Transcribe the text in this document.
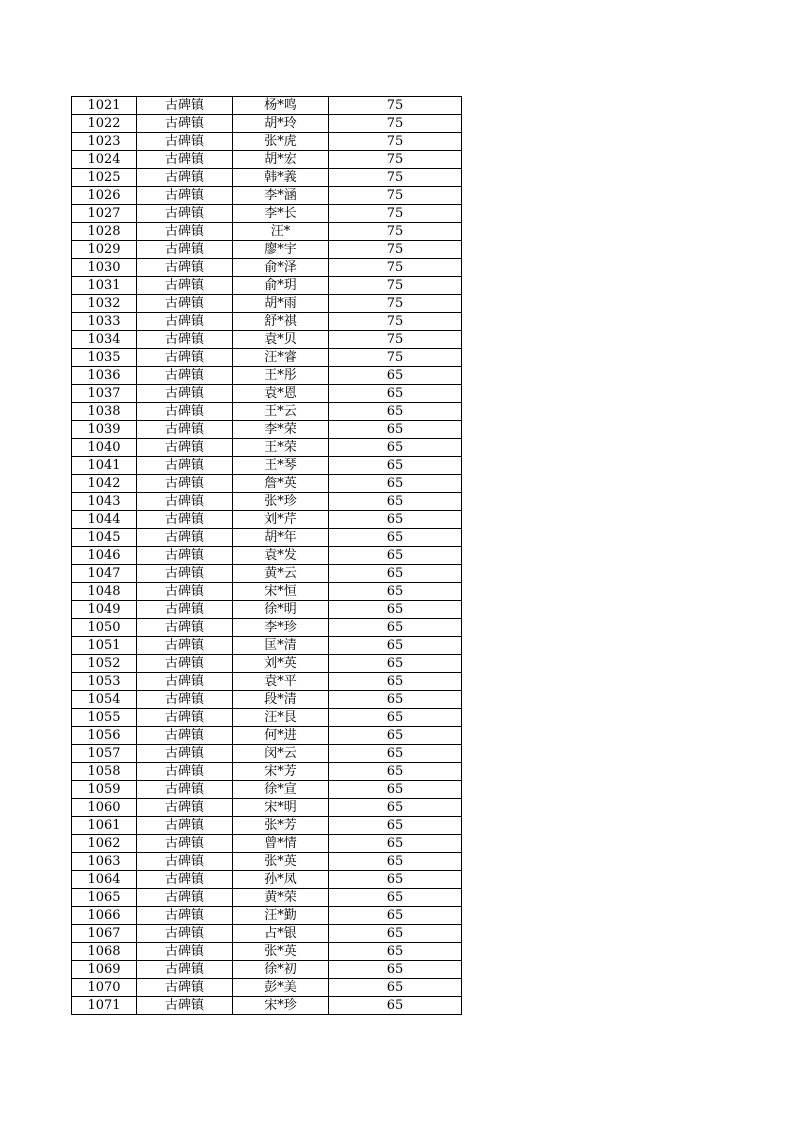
1021	古碑镇	杨*鸣	75
1022	古碑镇	胡*玲	75
1023	古碑镇	张*虎	75
1024	古碑镇	胡*宏	75
1025	古碑镇	韩*義	75
1026	古碑镇	李*涵	75
1027	古碑镇	李*长	75
1028	古碑镇	汪*	75
1029	古碑镇	廖*宇	75
1030	古碑镇	俞*泽	75
1031	古碑镇	俞*玥	75
1032	古碑镇	胡*雨	75
1033	古碑镇	舒*祺	75
1034	古碑镇	袁*贝	75
1035	古碑镇	汪*睿	75
1036	古碑镇	王*彤	65
1037	古碑镇	袁*恩	65
1038	古碑镇	王*云	65
1039	古碑镇	李*荣	65
1040	古碑镇	王*荣	65
1041	古碑镇	王*琴	65
1042	古碑镇	詹*英	65
1043	古碑镇	张*珍	65
1044	古碑镇	刘*芹	65
1045	古碑镇	胡*年	65
1046	古碑镇	袁*发	65
1047	古碑镇	黄*云	65
1048	古碑镇	宋*恒	65
1049	古碑镇	徐*明	65
1050	古碑镇	李*珍	65
1051	古碑镇	匡*清	65
1052	古碑镇	刘*英	65
1053	古碑镇	袁*平	65
1054	古碑镇	段*清	65
1055	古碑镇	汪*艮	65
1056	古碑镇	何*进	65
1057	古碑镇	闵*云	65
1058	古碑镇	宋*芳	65
1059	古碑镇	徐*宣	65
1060	古碑镇	宋*明	65
1061	古碑镇	张*芳	65
1062	古碑镇	曾*情	65
1063	古碑镇	张*英	65
1064	古碑镇	孙*凤	65
1065	古碑镇	黄*荣	65
1066	古碑镇	汪*勤	65
1067	古碑镇	占*银	65
1068	古碑镇	张*英	65
1069	古碑镇	徐*初	65
1070	古碑镇	彭*美	65
1071	古碑镇	宋*珍	65
